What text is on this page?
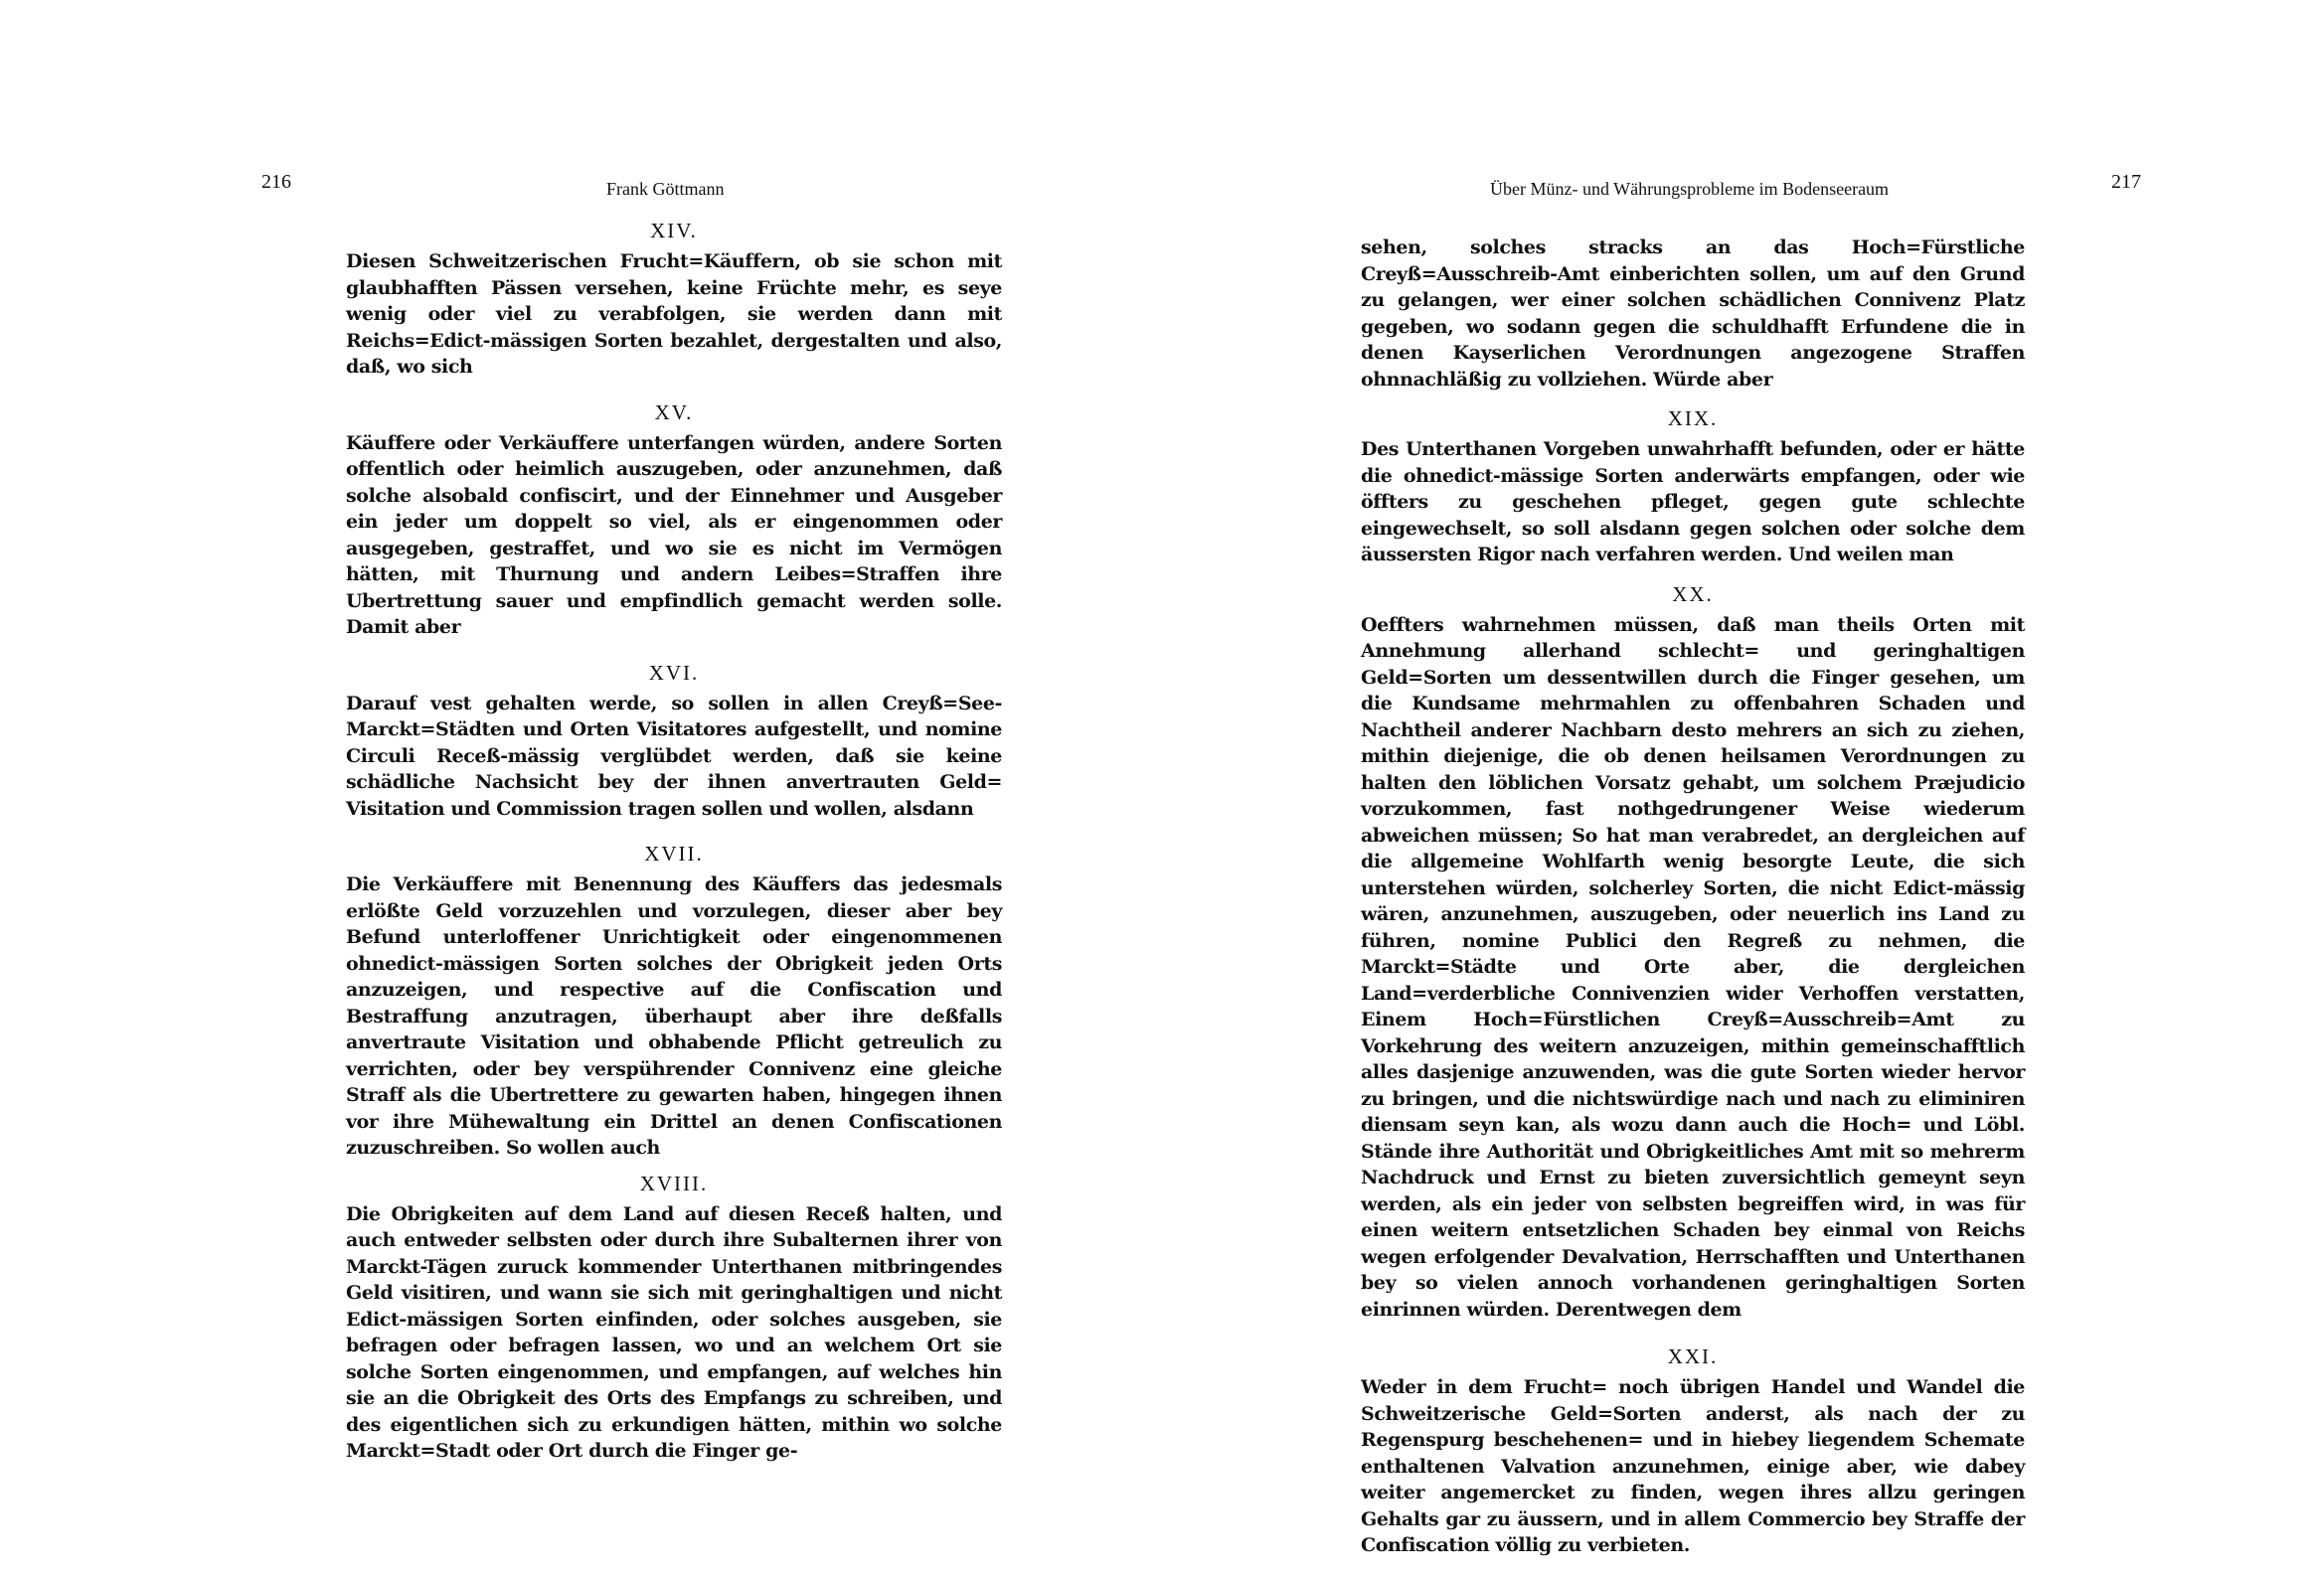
216	Frank Göttmann
XIV.

Diesen Schweitzerischen Frucht=Käuffern, ob sie schon mit glaubhafften Pässen versehen, keine Früchte mehr, es seye wenig oder viel zu verabfolgen, sie werden dann mit Reichs=Edict-mässigen Sorten bezahlet, dergestalten und also, daß, wo sich

XV.

Käuffere oder Verkäuffere unterfangen würden, andere Sorten offentlich oder heimlich auszugeben, oder anzunehmen, daß solche alsobald confiscirt, und der Einnehmer und Ausgeber ein jeder um doppelt so viel, als er eingenommen oder ausgegeben, gestraffet, und wo sie es nicht im Vermögen hätten, mit Thurnung und andern Leibes=Straffen ihre Ubertrettung sauer und empfindlich gemacht werden solle. Damit aber

XVI.

Darauf vest gehalten werde, so sollen in allen Creyß=See-Marckt=Städten und Orten Visitatores aufgestellt, und nomine Circuli Receß-mässig verglübdet werden, daß sie keine schädliche Nachsicht bey der ihnen anvertrauten Geld= Visitation und Commission tragen sollen und wollen, alsdann

XVII.

Die Verkäuffere mit Benennung des Käuffers das jedesmals erlößte Geld vorzuzehlen und vorzulegen, dieser aber bey Befund unterloffener Unrichtigkeit oder eingenommenen ohnedict-mässigen Sorten solches der Obrigkeit jeden Orts anzuzeigen, und respective auf die Confiscation und Bestraffung anzutragen, überhaupt aber ihre deßfalls anvertraute Visitation und obhabende Pflicht getreulich zu verrichten, oder bey verspührender Connivenz eine gleiche Straff als die Ubertrettere zu gewarten haben, hingegen ihnen vor ihre Mühewaltung ein Drittel an denen Confiscationen zuzuschreiben. So wollen auch

XVIII.

Die Obrigkeiten auf dem Land auf diesen Receß halten, und auch entweder selbsten oder durch ihre Subalternen ihrer von Marckt-Tägen zuruck kommender Unterthanen mitbringendes Geld visitiren, und wann sie sich mit geringhaltigen und nicht Edict-mässigen Sorten einfinden, oder solches ausgeben, sie befragen oder befragen lassen, wo und an welchem Ort sie solche Sorten eingenommen, und empfangen, auf welches hin sie an die Obrigkeit des Orts des Empfangs zu schreiben, und des eigentlichen sich zu erkundigen hätten, mithin wo solche Marckt=Stadt oder Ort durch die Finger ge-

Über Münz- und Währungsprobleme im Bodenseeraum	217

sehen, solches stracks an das Hoch=Fürstliche Creyß=Ausschreib-Amt einberichten sollen, um auf den Grund zu gelangen, wer einer solchen schädlichen Connivenz Platz gegeben, wo sodann gegen die schuldhafft Erfundene die in denen Kayserlichen Verordnungen angezogene Straffen ohnnachläßig zu vollziehen. Würde aber

XIX.

Des Unterthanen Vorgeben unwahrhafft befunden, oder er hätte die ohnedict-mässige Sorten anderwärts empfangen, oder wie öffters zu geschehen pfleget, gegen gute schlechte eingewechselt, so soll alsdann gegen solchen oder solche dem äussersten Rigor nach verfahren werden. Und weilen man

XX.

Oeffters wahrnehmen müssen, daß man theils Orten mit Annehmung allerhand schlecht= und geringhaltigen Geld=Sorten um dessentwillen durch die Finger gesehen, um die Kundsame mehrmahlen zu offenbahren Schaden und Nachtheil anderer Nachbarn desto mehrers an sich zu ziehen, mithin diejenige, die ob denen heilsamen Verordnungen zu halten den löblichen Vorsatz gehabt, um solchem Præjudicio vorzukommen, fast nothgedrungener Weise wiederum abweichen müssen; So hat man verabredet, an dergleichen auf die allgemeine Wohlfarth wenig besorgte Leute, die sich unterstehen würden, solcherley Sorten, die nicht Edict-mässig wären, anzunehmen, auszugeben, oder neuerlich ins Land zu führen, nomine Publici den Regreß zu nehmen, die Marckt=Städte und Orte aber, die dergleichen Land=verderbliche Connivenzien wider Verhoffen verstatten, Einem Hoch=Fürstlichen Creyß=Ausschreib=Amt zu Vorkehrung des weitern anzuzeigen, mithin gemeinschafftlich alles dasjenige anzuwenden, was die gute Sorten wieder hervor zu bringen, und die nichtswürdige nach und nach zu eliminiren diensam seyn kan, als wozu dann auch die Hoch= und Löbl. Stände ihre Authorität und Obrigkeitliches Amt mit so mehrerm Nachdruck und Ernst zu bieten zuversichtlich gemeynt seyn werden, als ein jeder von selbsten begreiffen wird, in was für einen weitern entsetzlichen Schaden bey einmal von Reichs wegen erfolgender Devalvation, Herrschafften und Unterthanen bey so vielen annoch vorhandenen geringhaltigen Sorten einrinnen würden. Derentwegen dem

XXI.

Weder in dem Frucht= noch übrigen Handel und Wandel die Schweitzerische Geld=Sorten anderst, als nach der zu Regenspurg beschehenen= und in hiebey liegendem Schemate enthaltenen Valvation anzunehmen, einige aber, wie dabey weiter angemercket zu finden, wegen ihres allzu geringen Gehalts gar zu äussern, und in allem Commercio bey Straffe der Confiscation völlig zu verbieten.
